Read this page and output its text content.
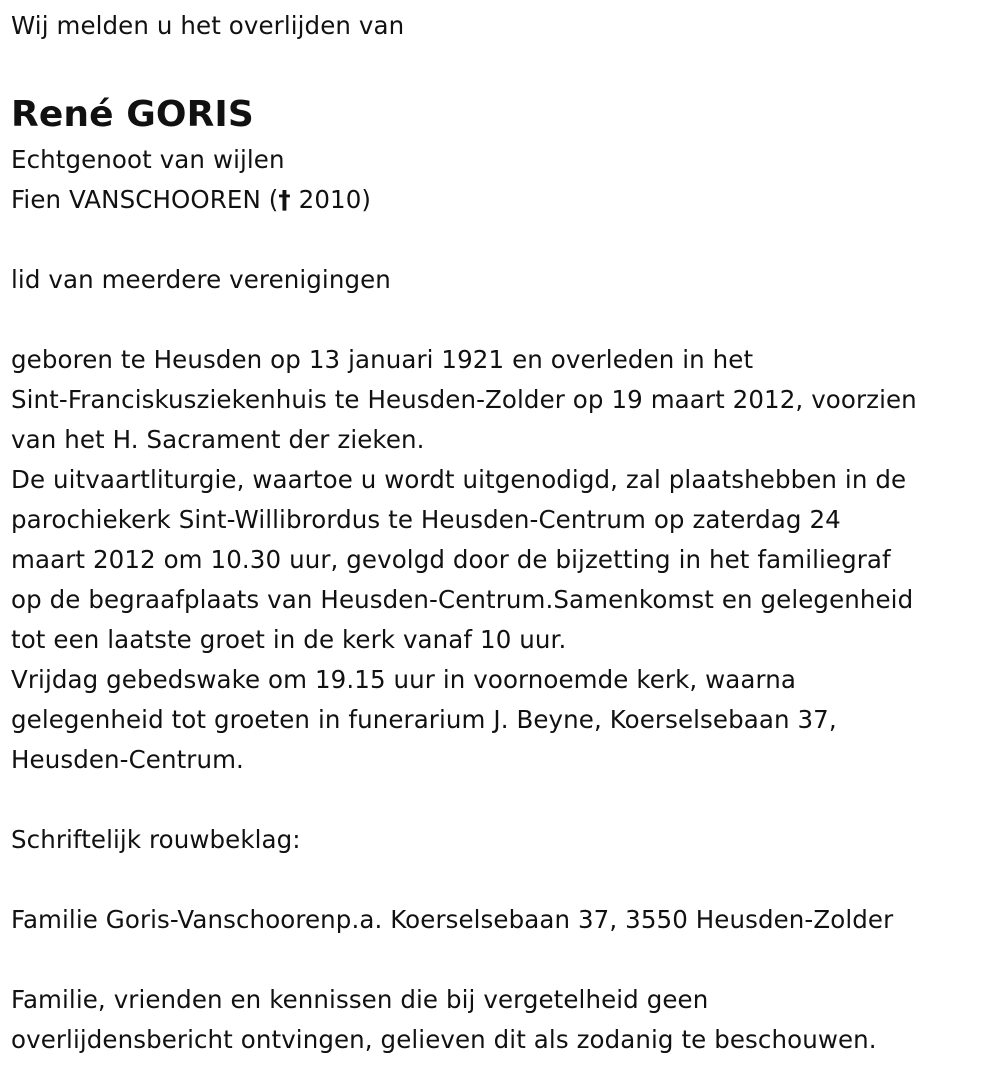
Wij melden u het overlijden van
René GORIS
Echtgenoot van wijlen
Fien VANSCHOOREN († 2010)
lid van meerdere verenigingen
geboren te Heusden op 13 januari 1921 en overleden in het
Sint-Franciskusziekenhuis te Heusden-Zolder op 19 maart 2012, voorzien
van het H. Sacrament der zieken.
De uitvaartliturgie, waartoe u wordt uitgenodigd, zal plaatshebben in de
parochiekerk Sint-Willibrordus te Heusden-Centrum op zaterdag 24
maart 2012 om 10.30 uur, gevolgd door de bijzetting in het familiegraf
op de begraafplaats van Heusden-Centrum.Samenkomst en gelegenheid
tot een laatste groet in de kerk vanaf 10 uur.
Vrijdag gebedswake om 19.15 uur in voornoemde kerk, waarna
gelegenheid tot groeten in funerarium J. Beyne, Koerselsebaan 37,
Heusden-Centrum.
Schriftelijk rouwbeklag:
Familie Goris-Vanschoorenp.a. Koerselsebaan 37, 3550 Heusden-Zolder
Familie, vrienden en kennissen die bij vergetelheid geen
overlijdensbericht ontvingen, gelieven dit als zodanig te beschouwen.
